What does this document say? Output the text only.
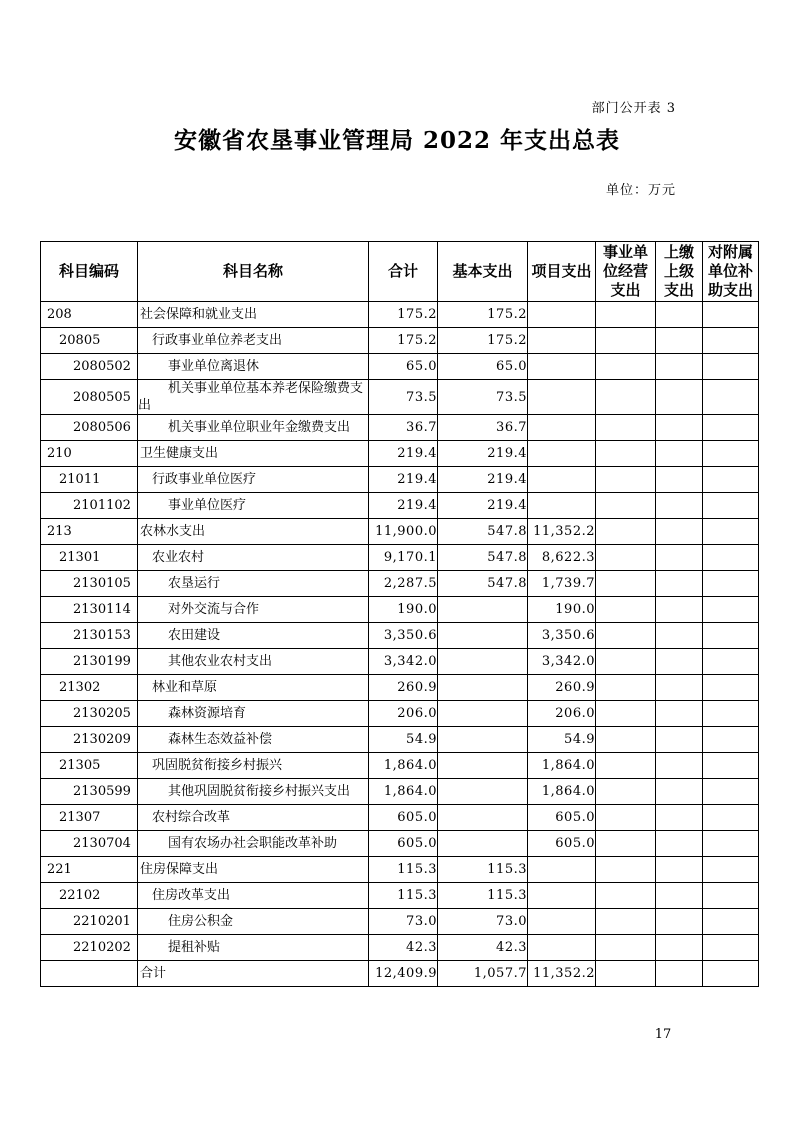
部门公开表 3
安徽省农垦事业管理局 2022 年支出总表
单位：万元
科目编码	科目名称	合计	基本支出	项目支出	事业单位经营支出	上缴上级支出	对附属单位补助支出
208	社会保障和就业支出	175.2	175.2				
20805	行政事业单位养老支出	175.2	175.2				
2080502	事业单位离退休	65.0	65.0				
2080505	机关事业单位基本养老保险缴费支出	73.5	73.5				
2080506	机关事业单位职业年金缴费支出	36.7	36.7				
210	卫生健康支出	219.4	219.4				
21011	行政事业单位医疗	219.4	219.4				
2101102	事业单位医疗	219.4	219.4				
213	农林水支出	11,900.0	547.8	11,352.2			
21301	农业农村	9,170.1	547.8	8,622.3			
2130105	农垦运行	2,287.5	547.8	1,739.7			
2130114	对外交流与合作	190.0		190.0			
2130153	农田建设	3,350.6		3,350.6			
2130199	其他农业农村支出	3,342.0		3,342.0			
21302	林业和草原	260.9		260.9			
2130205	森林资源培育	206.0		206.0			
2130209	森林生态效益补偿	54.9		54.9			
21305	巩固脱贫衔接乡村振兴	1,864.0		1,864.0			
2130599	其他巩固脱贫衔接乡村振兴支出	1,864.0		1,864.0			
21307	农村综合改革	605.0		605.0			
2130704	国有农场办社会职能改革补助	605.0		605.0			
221	住房保障支出	115.3	115.3				
22102	住房改革支出	115.3	115.3				
2210201	住房公积金	73.0	73.0				
2210202	提租补贴	42.3	42.3				
	合计	12,409.9	1,057.7	11,352.2			
17
